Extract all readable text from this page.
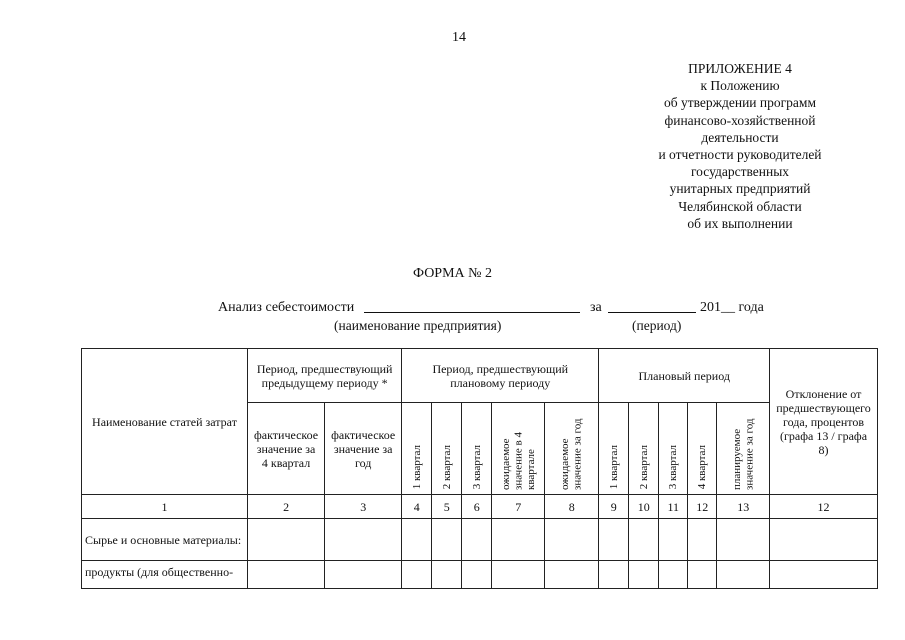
14
ПРИЛОЖЕНИЕ 4
к Положению
об утверждении программ
финансово-хозяйственной
деятельности
и отчетности руководителей
государственных
унитарных предприятий
Челябинской области
об их выполнении
ФОРМА № 2
Анализ себестоимости	за	201__ года
(наименование предприятия)	(период)
Наименование статей затрат	Период, предшествующий предыдущему периоду *		Период, предшествующий плановому периоду					Плановый период					Отклонение от предшествующего года, процентов (графа 13 / графа 8)
	фактическое значение за 4 квартал	фактическое значение за год	1 квартал	2 квартал	3 квартал	ожидаемое значение в 4 квартале	ожидаемое значение за год	1 квартал	2 квартал	3 квартал	4 квартал	планируемое значение за год	

1	2	3	4	5	6	7	8	9	10	11	12	13	12
Сырье и основные материалы:													
продукты (для общественно-													
